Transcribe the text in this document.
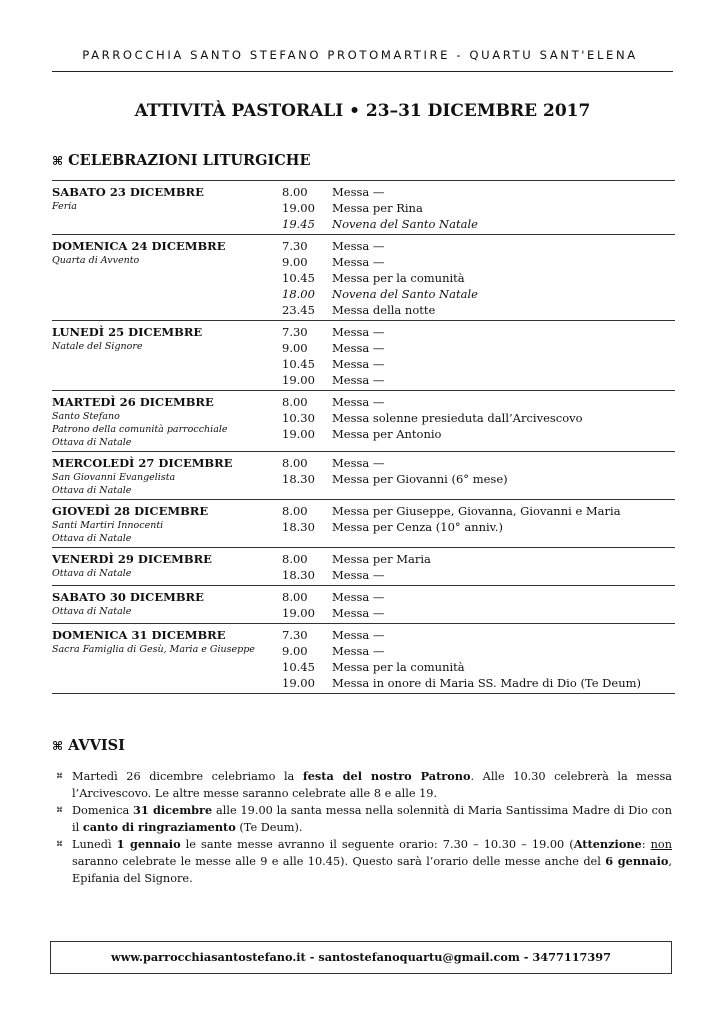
PARROCCHIA SANTO STEFANO PROTOMARTIRE - QUARTU SANT'ELENA
ATTIVITÀ PASTORALI • 23–31 DICEMBRE 2017
⌘ CELEBRAZIONI LITURGICHE
SABATO 23 DICEMBRE
Feria
8.00	Messa —
19.00	Messa per Rina
19.45	Novena del Santo Natale
DOMENICA 24 DICEMBRE
Quarta di Avvento
7.30	Messa —
9.00	Messa —
10.45	Messa per la comunità
18.00	Novena del Santo Natale
23.45	Messa della notte
LUNEDÌ 25 DICEMBRE
Natale del Signore
7.30	Messa —
9.00	Messa —
10.45	Messa —
19.00	Messa —
MARTEDÌ 26 DICEMBRE
Santo Stefano
Patrono della comunità parrocchiale
Ottava di Natale
8.00	Messa —
10.30	Messa solenne presieduta dall’Arcivescovo
19.00	Messa per Antonio
MERCOLEDÌ 27 DICEMBRE
San Giovanni Evangelista
Ottava di Natale
8.00	Messa —
18.30	Messa per Giovanni (6° mese)
GIOVEDÌ 28 DICEMBRE
Santi Martiri Innocenti
Ottava di Natale
8.00	Messa per Giuseppe, Giovanna, Giovanni e Maria
18.30	Messa per Cenza (10° anniv.)
VENERDÌ 29 DICEMBRE
Ottava di Natale
8.00	Messa per Maria
18.30	Messa —
SABATO 30 DICEMBRE
Ottava di Natale
8.00	Messa —
19.00	Messa —
DOMENICA 31 DICEMBRE
Sacra Famiglia di Gesù, Maria e Giuseppe
7.30	Messa —
9.00	Messa —
10.45	Messa per la comunità
19.00	Messa in onore di Maria SS. Madre di Dio (Te Deum)
⌘ AVVISI
⌘ Martedì 26 dicembre celebriamo la festa del nostro Patrono. Alle 10.30 celebrerà la messa l’Arcivescovo. Le altre messe saranno celebrate alle 8 e alle 19.
⌘ Domenica 31 dicembre alle 19.00 la santa messa nella solennità di Maria Santissima Madre di Dio con il canto di ringraziamento (Te Deum).
⌘ Lunedì 1 gennaio le sante messe avranno il seguente orario: 7.30 – 10.30 – 19.00 (Attenzione: non saranno celebrate le messe alle 9 e alle 10.45). Questo sarà l’orario delle messe anche del 6 gennaio, Epifania del Signore.
www.parrocchiasantostefano.it - santostefanoquartu@gmail.com - 3477117397
